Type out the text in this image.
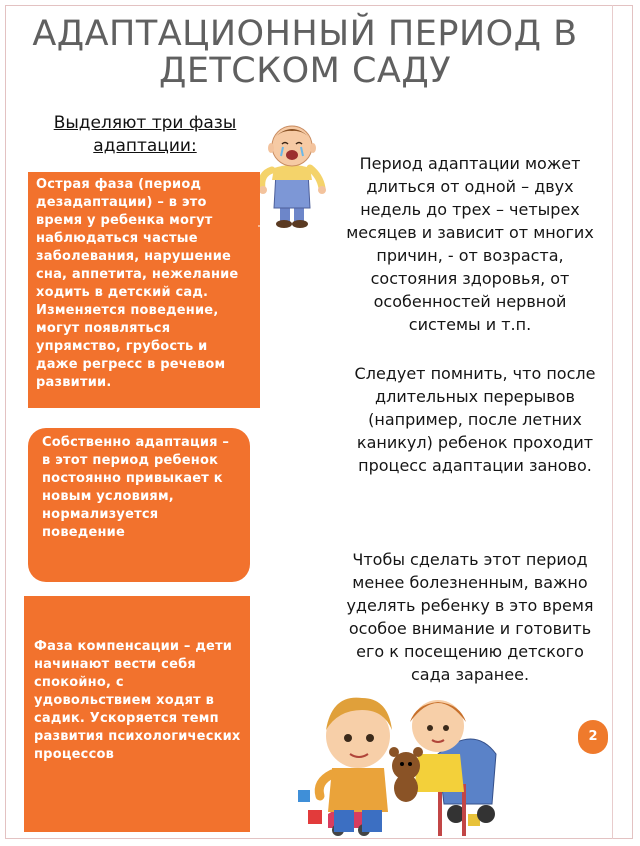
АДАПТАЦИОННЫЙ ПЕРИОД В ДЕТСКОМ САДУ
Выделяют три фазы адаптации:
Острая фаза (период дезадаптации) – в это время у ребенка могут наблюдаться частые заболевания, нарушение сна, аппетита, нежелание ходить в детский сад. Изменяется поведение, могут появляться упрямство, грубость и даже регресс в речевом развитии.
Собственно адаптация – в этот период ребенок постоянно привыкает к новым условиям, нормализуется поведение
Фаза компенсации – дети начинают вести себя спокойно, с удовольствием ходят в садик. Ускоряется темп развития психологических процессов
Период адаптации может длиться от одной – двух недель до трех – четырех месяцев и зависит от многих причин, - от возраста, состояния здоровья, от особенностей нервной системы и т.п.
Следует помнить, что после длительных перерывов (например, после летних каникул) ребенок проходит процесс адаптации заново.
Чтобы сделать этот период менее болезненным, важно уделять ребенку в это время особое внимание и готовить его к посещению детского сада заранее.
2
